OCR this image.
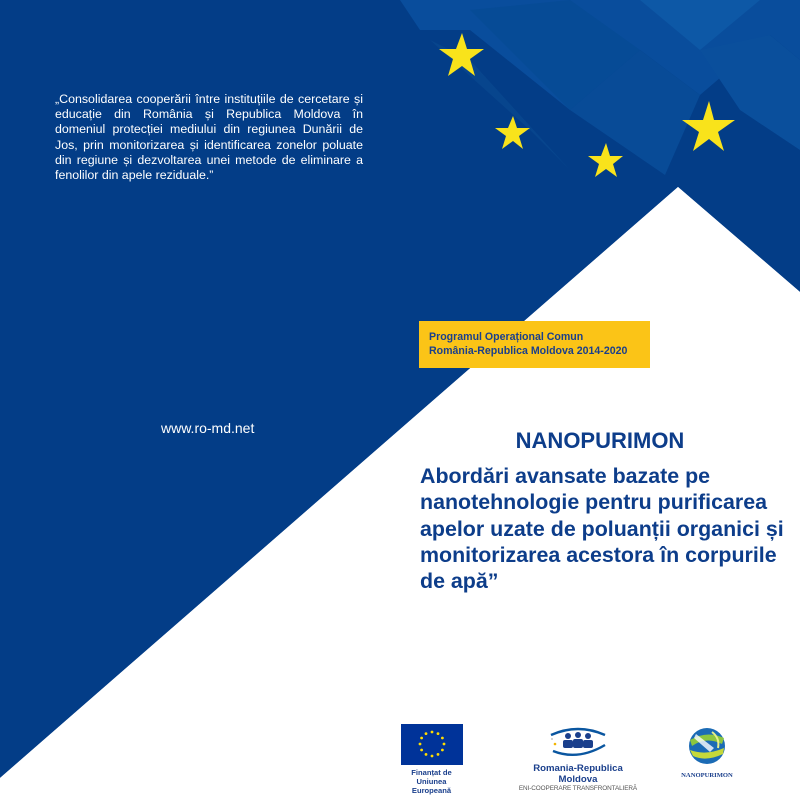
„Consolidarea cooperării între instituțiile de cercetare și educație din România și Republica Moldova în domeniul protecției mediului din regiunea Dunării de Jos, prin monitorizarea și identificarea zonelor poluate din regiune și dezvoltarea unei metode de eliminare a fenolilor din apele reziduale.”
www.ro-md.net
Programul Operațional Comun
România-Republica Moldova 2014-2020
NANOPURIMON
Abordări avansate bazate pe nanotehnologie pentru purificarea apelor uzate de poluanții organici și monitorizarea acestora în corpurile de apă”
Finanțat de
Uniunea Europeană
Romania-Republica Moldova
ENI-COOPERARE TRANSFRONTALIERĂ
NANOPURIMON
